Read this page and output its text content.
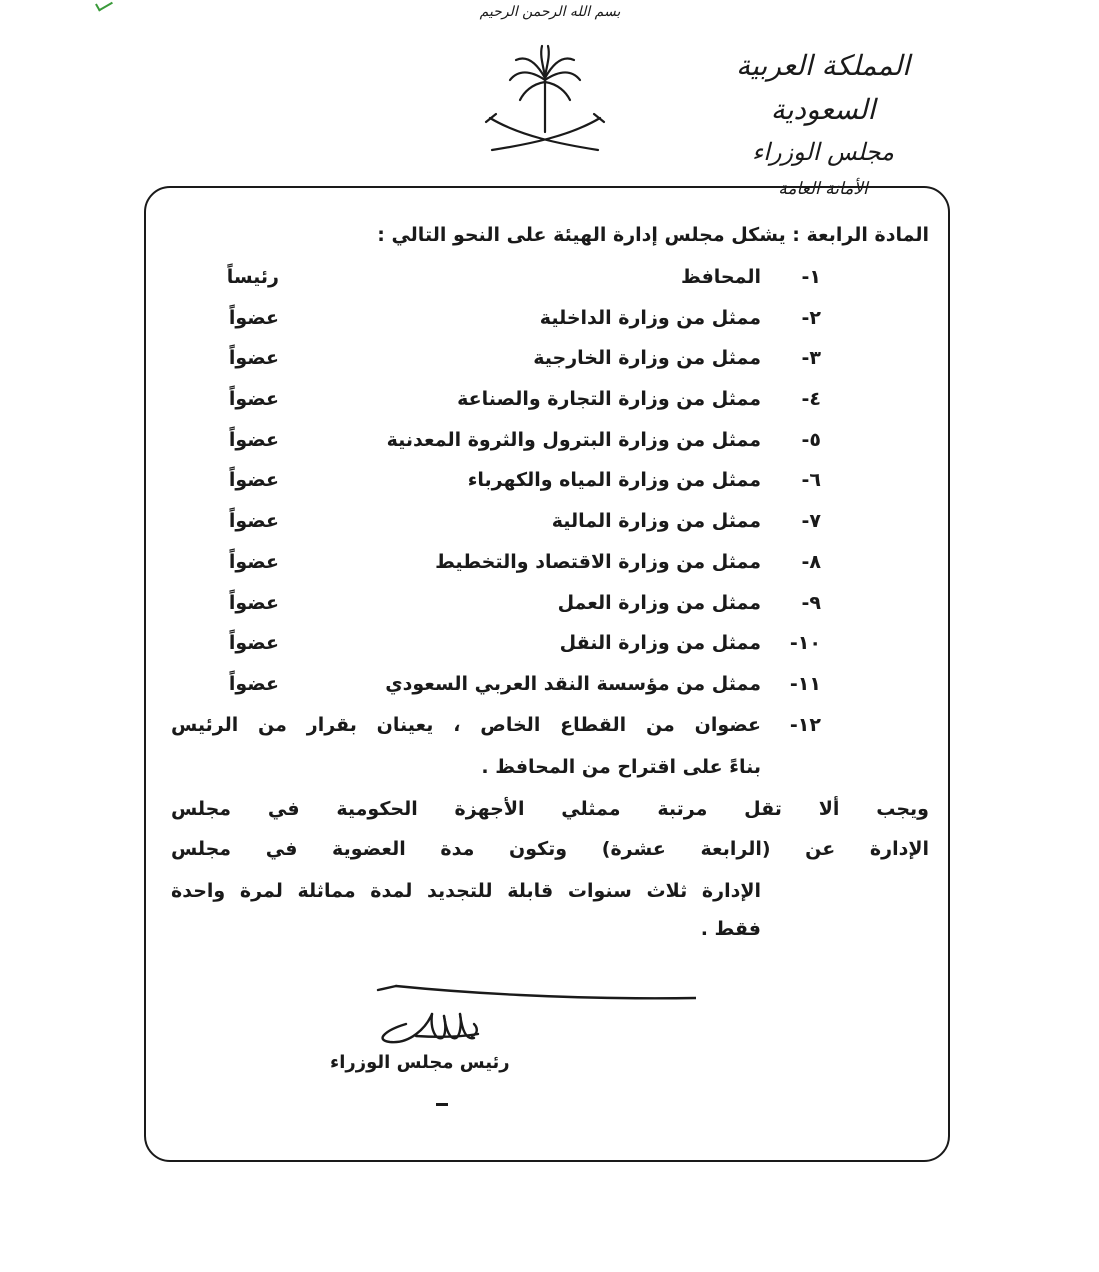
بسم الله الرحمن الرحيم
المملكة العربية السعودية
مجلس الوزراء
الأمانة العامة
المادة الرابعة : يشكل مجلس إدارة الهيئة على النحو التالي :
١-
المحافظ
رئيساً
٢-
ممثل من وزارة الداخلية
عضواً
٣-
ممثل من وزارة الخارجية
عضواً
٤-
ممثل من وزارة التجارة والصناعة
عضواً
٥-
ممثل من وزارة البترول والثروة المعدنية
عضواً
٦-
ممثل من وزارة المياه والكهرباء
عضواً
٧-
ممثل من وزارة المالية
عضواً
٨-
ممثل من وزارة الاقتصاد والتخطيط
عضواً
٩-
ممثل من وزارة العمل
عضواً
١٠-
ممثل من وزارة النقل
عضواً
١١-
ممثل من مؤسسة النقد العربي السعودي
عضواً
١٢-
عضوان من القطاع الخاص ، يعينان بقرار من الرئيس
بناءً على اقتراح من المحافظ .
ويجب ألا تقل مرتبة ممثلي الأجهزة الحكومية في مجلس
الإدارة عن (الرابعة عشرة) وتكون مدة العضوية في مجلس
الإدارة ثلاث سنوات قابلة للتجديد لمدة مماثلة لمرة واحدة
فقط .
رئيس مجلس الوزراء
